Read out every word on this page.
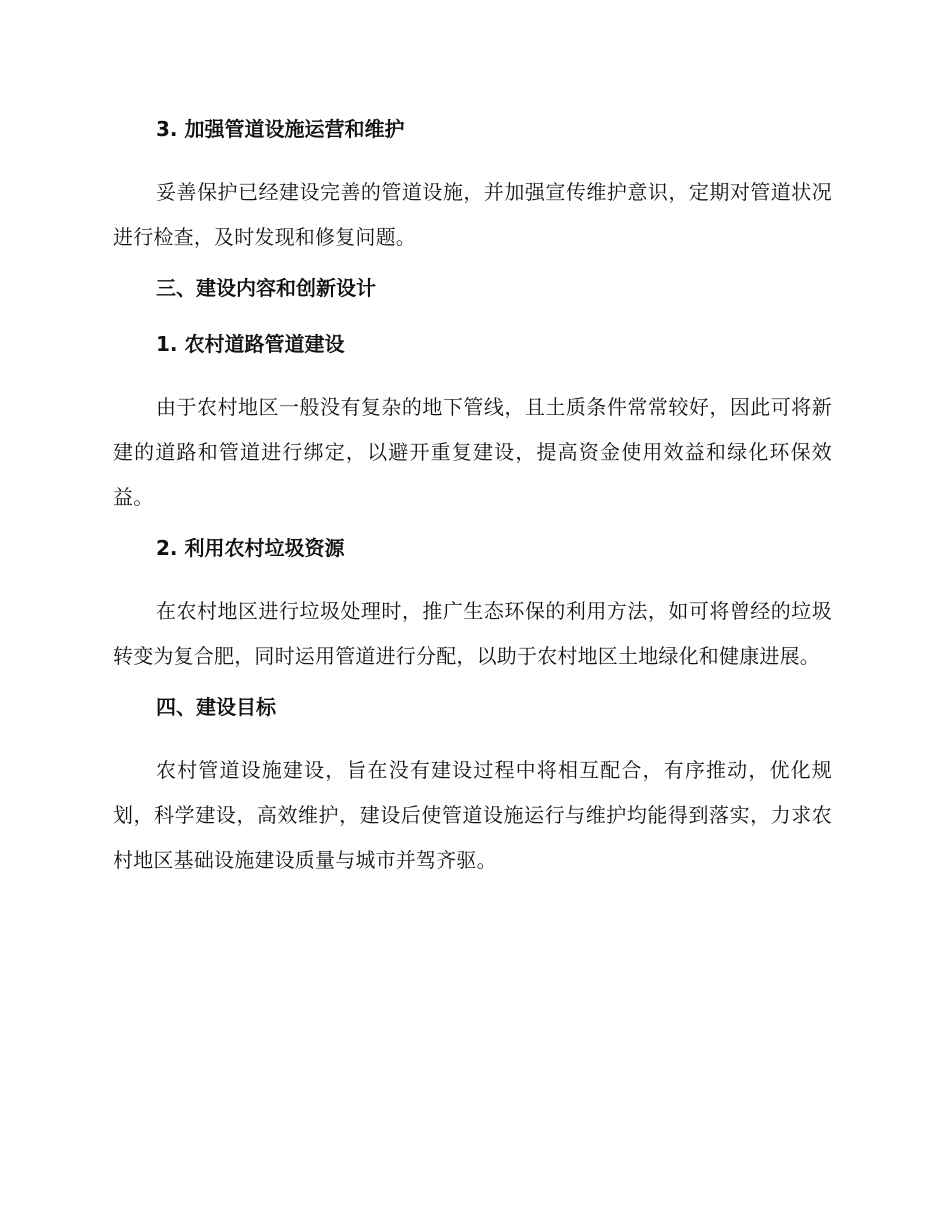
3. 加强管道设施运营和维护

妥善保护已经建设完善的管道设施，并加强宣传维护意识，定期对管道状况进行检查，及时发现和修复问题。

三、建设内容和创新设计
1. 农村道路管道建设

由于农村地区一般没有复杂的地下管线，且土质条件常常较好，因此可将新建的道路和管道进行绑定，以避开重复建设，提高资金使用效益和绿化环保效益。

2. 利用农村垃圾资源

在农村地区进行垃圾处理时，推广生态环保的利用方法，如可将曾经的垃圾转变为复合肥，同时运用管道进行分配，以助于农村地区土地绿化和健康进展。

四、建设目标

农村管道设施建设，旨在没有建设过程中将相互配合，有序推动，优化规划，科学建设，高效维护，建设后使管道设施运行与维护均能得到落实，力求农村地区基础设施建设质量与城市并驾齐驱。
